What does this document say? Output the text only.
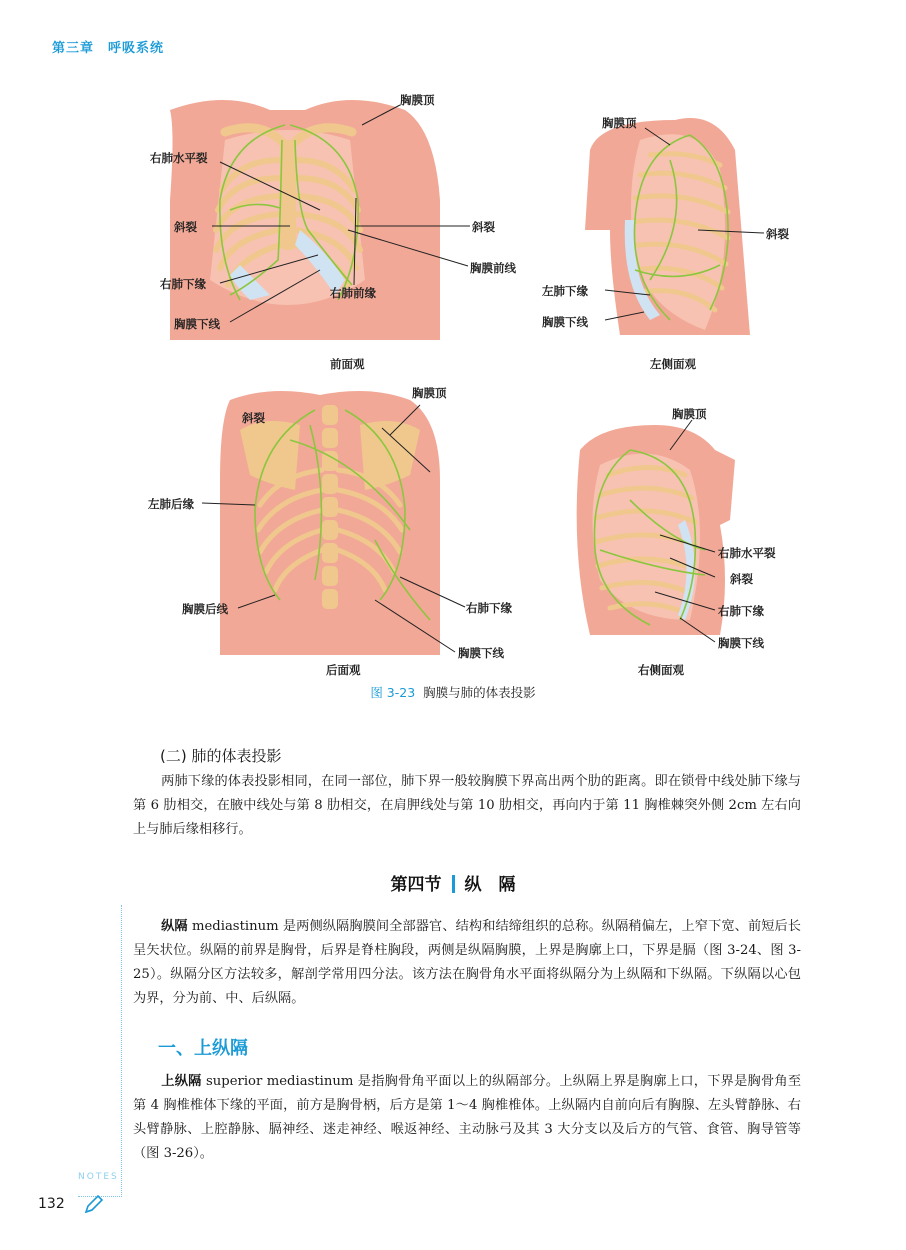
第三章　呼吸系统
胸膜顶
右肺水平裂
斜裂	斜裂
胸膜前线
右肺下缘
右肺前缘
胸膜下线
前面观
胸膜顶
斜裂
左肺下缘
胸膜下线
左侧面观
斜裂
胸膜顶
左肺后缘
胸膜后线	右肺下缘
胸膜下线
后面观
胸膜顶
右肺水平裂
斜裂
右肺下缘
胸膜下线
右侧面观
图 3-23 胸膜与肺的体表投影
(二) 肺的体表投影

两肺下缘的体表投影相同，在同一部位，肺下界一般较胸膜下界高出两个肋的距离。即在锁骨中线处肺下缘与第 6 肋相交，在腋中线处与第 8 肋相交，在肩胛线处与第 10 肋相交，再向内于第 11 胸椎棘突外侧 2cm 左右向上与肺后缘相移行。

第四节 纵　隔

纵隔 mediastinum 是两侧纵隔胸膜间全部器官、结构和结缔组织的总称。纵隔稍偏左，上窄下宽、前短后长呈矢状位。纵隔的前界是胸骨，后界是脊柱胸段，两侧是纵隔胸膜，上界是胸廓上口，下界是膈（图 3-24、图 3-25）。纵隔分区方法较多，解剖学常用四分法。该方法在胸骨角水平面将纵隔分为上纵隔和下纵隔。下纵隔以心包为界，分为前、中、后纵隔。

一、上纵隔

上纵隔 superior mediastinum 是指胸骨角平面以上的纵隔部分。上纵隔上界是胸廓上口，下界是胸骨角至第 4 胸椎椎体下缘的平面，前方是胸骨柄，后方是第 1～4 胸椎椎体。上纵隔内自前向后有胸腺、左头臂静脉、右头臂静脉、上腔静脉、膈神经、迷走神经、喉返神经、主动脉弓及其 3 大分支以及后方的气管、食管、胸导管等（图 3-26）。

NOTES
132
